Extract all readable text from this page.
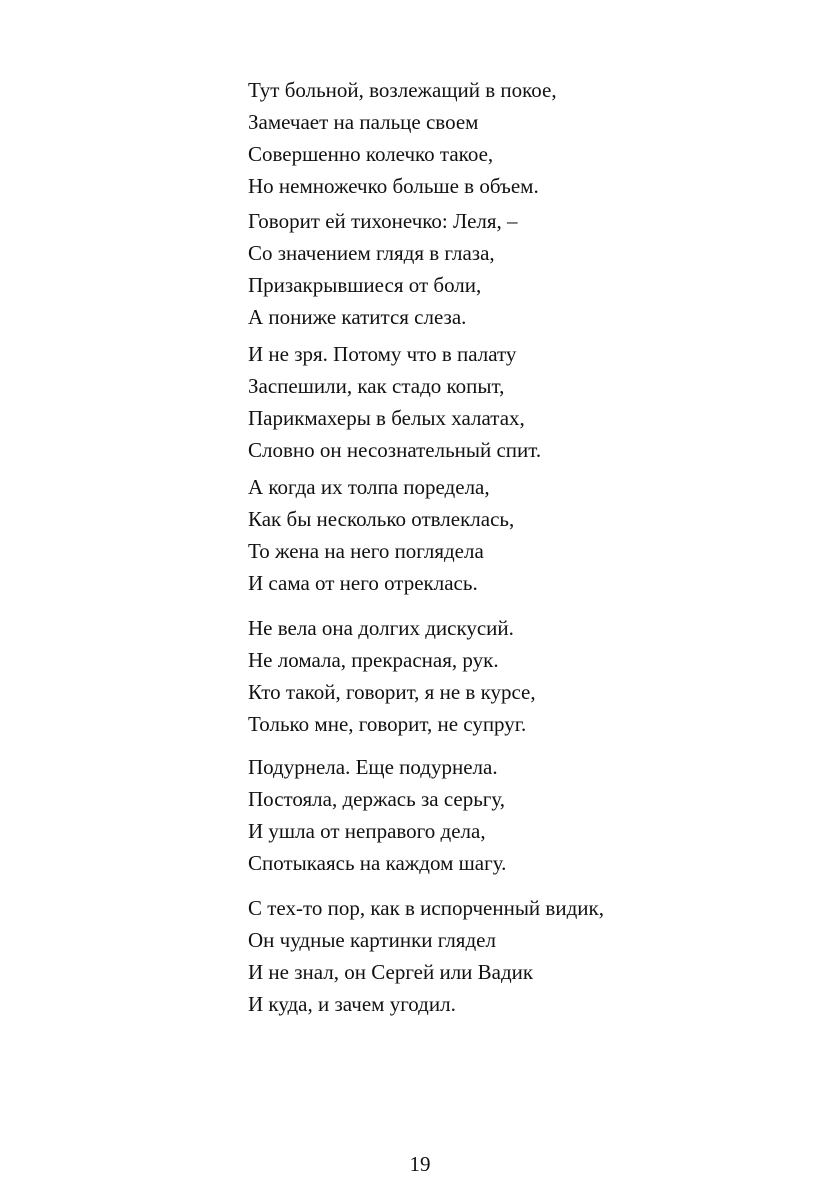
Тут больной, возлежащий в покое,
Замечает на пальце своем
Совершенно колечко такое,
Но немножечко больше в объем.
Говорит ей тихонечко: Леля, –
Со значением глядя в глаза,
Призакрывшиеся от боли,
А пониже катится слеза.
И не зря. Потому что в палату
Заспешили, как стадо копыт,
Парикмахеры в белых халатах,
Словно он несознательный спит.
А когда их толпа поредела,
Как бы несколько отвлеклась,
То жена на него поглядела
И сама от него отреклась.
Не вела она долгих дискусий.
Не ломала, прекрасная, рук.
Кто такой, говорит, я не в курсе,
Только мне, говорит, не супруг.
Подурнела. Еще подурнела.
Постояла, держась за серьгу,
И ушла от неправого дела,
Спотыкаясь на каждом шагу.
С тех-то пор, как в испорченный видик,
Он чудные картинки глядел
И не знал, он Сергей или Вадик
И куда, и зачем угодил.
19
